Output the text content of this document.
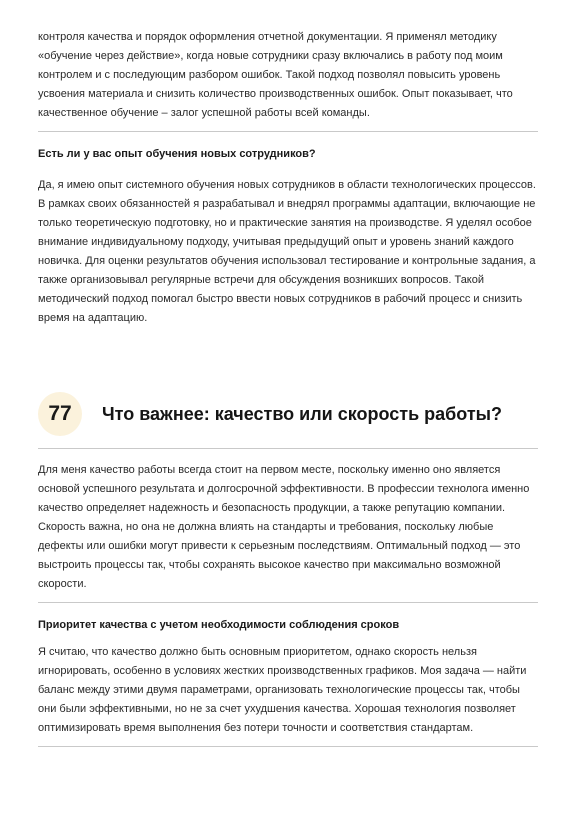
контроля качества и порядок оформления отчетной документации. Я применял методику «обучение через действие», когда новые сотрудники сразу включались в работу под моим контролем и с последующим разбором ошибок. Такой подход позволял повысить уровень усвоения материала и снизить количество производственных ошибок. Опыт показывает, что качественное обучение – залог успешной работы всей команды.

Есть ли у вас опыт обучения новых сотрудников?

Да, я имею опыт системного обучения новых сотрудников в области технологических процессов. В рамках своих обязанностей я разрабатывал и внедрял программы адаптации, включающие не только теоретическую подготовку, но и практические занятия на производстве. Я уделял особое внимание индивидуальному подходу, учитывая предыдущий опыт и уровень знаний каждого новичка. Для оценки результатов обучения использовал тестирование и контрольные задания, а также организовывал регулярные встречи для обсуждения возникших вопросов. Такой методический подход помогал быстро ввести новых сотрудников в рабочий процесс и снизить время на адаптацию.

77	Что важнее: качество или скорость работы?

Для меня качество работы всегда стоит на первом месте, поскольку именно оно является основой успешного результата и долгосрочной эффективности. В профессии технолога именно качество определяет надежность и безопасность продукции, а также репутацию компании. Скорость важна, но она не должна влиять на стандарты и требования, поскольку любые дефекты или ошибки могут привести к серьезным последствиям. Оптимальный подход — это выстроить процессы так, чтобы сохранять высокое качество при максимально возможной скорости.

Приоритет качества с учетом необходимости соблюдения сроков

Я считаю, что качество должно быть основным приоритетом, однако скорость нельзя игнорировать, особенно в условиях жестких производственных графиков. Моя задача — найти баланс между этими двумя параметрами, организовать технологические процессы так, чтобы они были эффективными, но не за счет ухудшения качества. Хорошая технология позволяет оптимизировать время выполнения без потери точности и соответствия стандартам.
